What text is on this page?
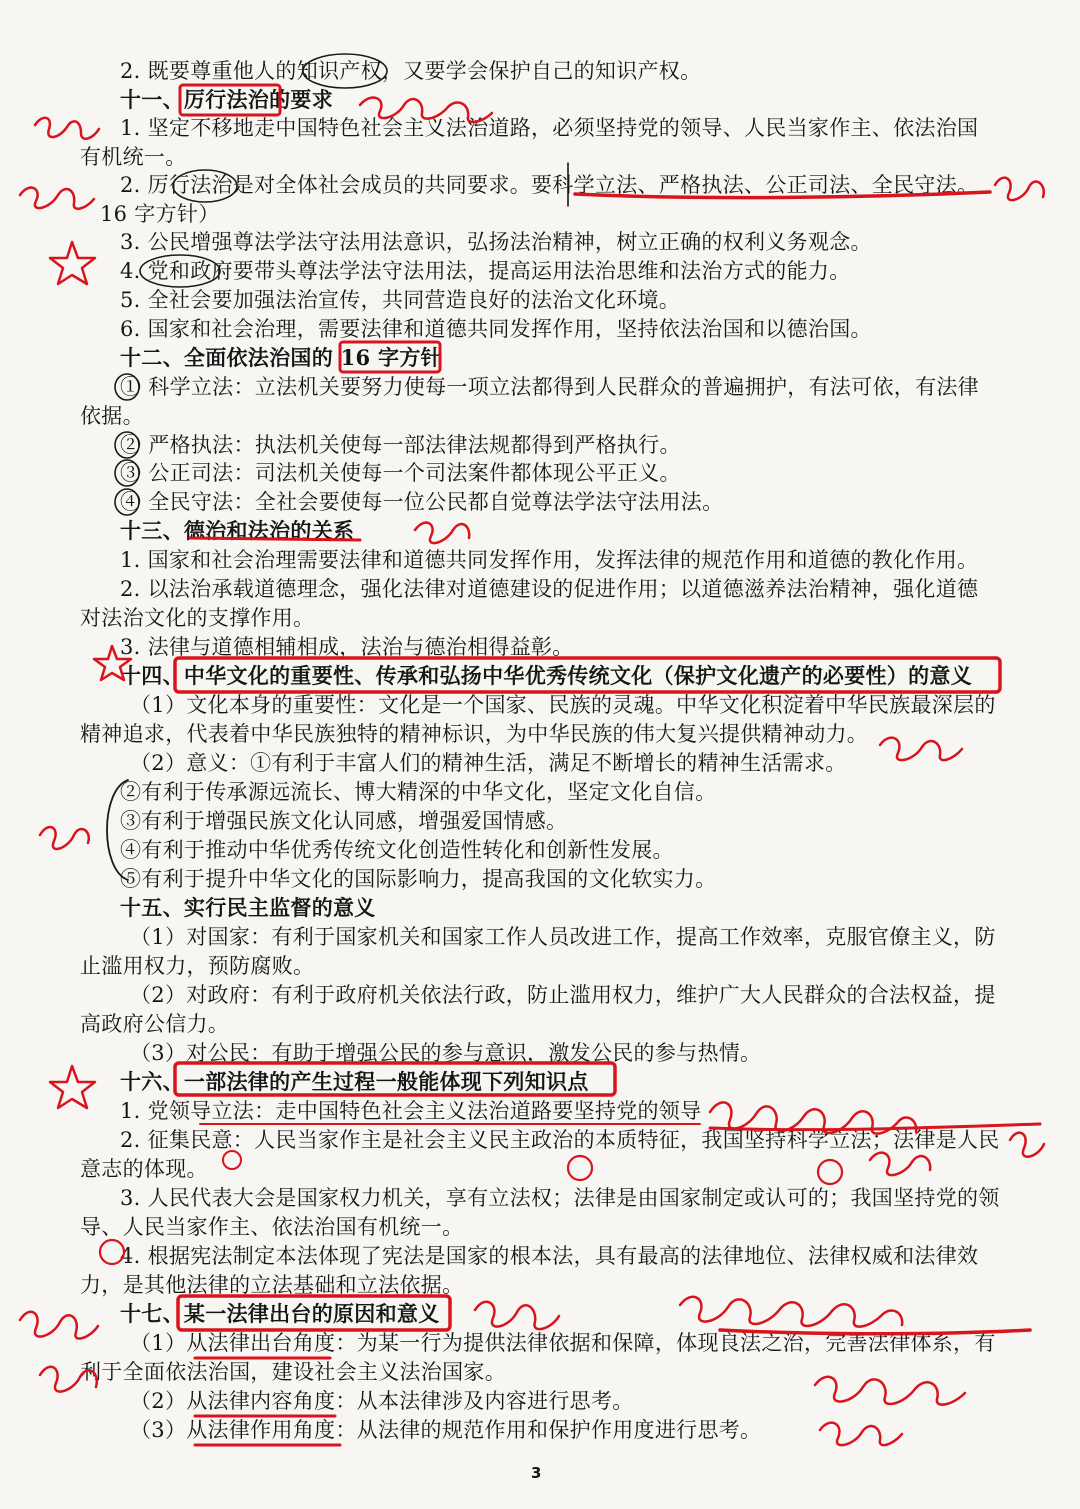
2. 既要尊重他人的知识产权，又要学会保护自己的知识产权。
十一、厉行法治的要求
1. 坚定不移地走中国特色社会主义法治道路，必须坚持党的领导、人民当家作主、依法治国
有机统一。
2. 厉行法治是对全体社会成员的共同要求。要科学立法、严格执法、公正司法、全民守法。
16 字方针）
3. 公民增强尊法学法守法用法意识，弘扬法治精神，树立正确的权利义务观念。
4. 党和政府要带头尊法学法守法用法，提高运用法治思维和法治方式的能力。
5. 全社会要加强法治宣传，共同营造良好的法治文化环境。
6. 国家和社会治理，需要法律和道德共同发挥作用，坚持依法治国和以德治国。
十二、全面依法治国的 16 字方针
① 科学立法：立法机关要努力使每一项立法都得到人民群众的普遍拥护，有法可依，有法律
依据。
② 严格执法：执法机关使每一部法律法规都得到严格执行。
③ 公正司法：司法机关使每一个司法案件都体现公平正义。
④ 全民守法：全社会要使每一位公民都自觉尊法学法守法用法。
十三、德治和法治的关系
1. 国家和社会治理需要法律和道德共同发挥作用，发挥法律的规范作用和道德的教化作用。
2. 以法治承载道德理念，强化法律对道德建设的促进作用；以道德滋养法治精神，强化道德
对法治文化的支撑作用。
3. 法律与道德相辅相成，法治与德治相得益彰。
十四、中华文化的重要性、传承和弘扬中华优秀传统文化（保护文化遗产的必要性）的意义
（1）文化本身的重要性：文化是一个国家、民族的灵魂。中华文化积淀着中华民族最深层的
精神追求，代表着中华民族独特的精神标识，为中华民族的伟大复兴提供精神动力。
（2）意义：①有利于丰富人们的精神生活，满足不断增长的精神生活需求。
②有利于传承源远流长、博大精深的中华文化，坚定文化自信。
③有利于增强民族文化认同感，增强爱国情感。
④有利于推动中华优秀传统文化创造性转化和创新性发展。
⑤有利于提升中华文化的国际影响力，提高我国的文化软实力。
十五、实行民主监督的意义
（1）对国家：有利于国家机关和国家工作人员改进工作，提高工作效率，克服官僚主义，防
止滥用权力，预防腐败。
（2）对政府：有利于政府机关依法行政，防止滥用权力，维护广大人民群众的合法权益，提
高政府公信力。
（3）对公民：有助于增强公民的参与意识，激发公民的参与热情。
十六、一部法律的产生过程一般能体现下列知识点
1. 党领导立法：走中国特色社会主义法治道路要坚持党的领导
2. 征集民意：人民当家作主是社会主义民主政治的本质特征，我国坚持科学立法；法律是人民
意志的体现。
3. 人民代表大会是国家权力机关，享有立法权；法律是由国家制定或认可的；我国坚持党的领
导、人民当家作主、依法治国有机统一。
4. 根据宪法制定本法体现了宪法是国家的根本法，具有最高的法律地位、法律权威和法律效
力，是其他法律的立法基础和立法依据。
十七、某一法律出台的原因和意义
（1）从法律出台角度：为某一行为提供法律依据和保障，体现良法之治，完善法律体系，有
利于全面依法治国，建设社会主义法治国家。
（2）从法律内容角度：从本法律涉及内容进行思考。
（3）从法律作用角度：从法律的规范作用和保护作用度进行思考。
3
